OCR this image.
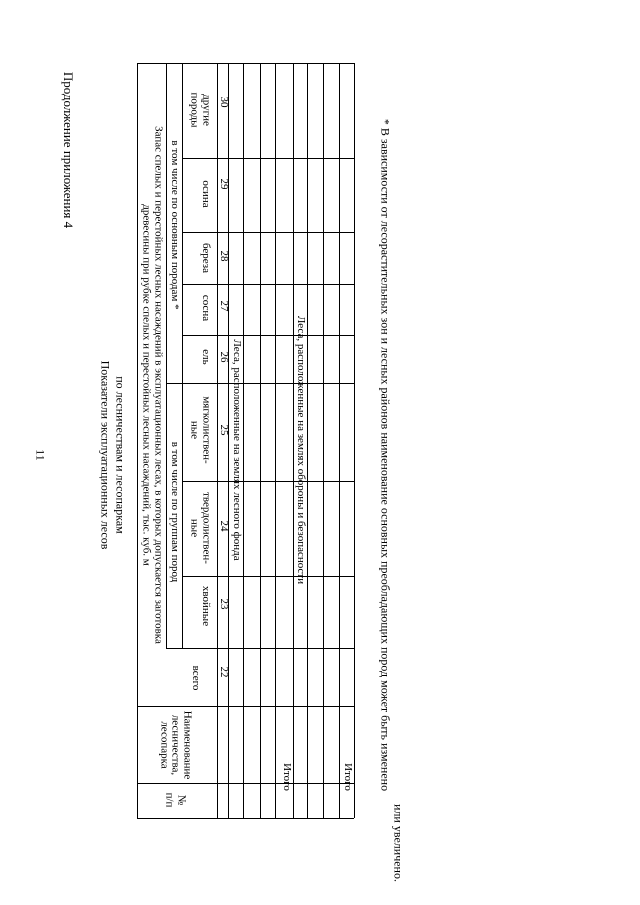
11
Продолжение приложения 4
Показатели эксплуатационных лесов по лесничествам и лесопаркам
№
п/п
Наименование
лесничества,
лесопарка
Запас спелых и перестойных лесных насаждений в эксплуатационных лесах, в которых допускается заготовка
древесины при рубке спелых и перестойных лесных насаждений, тыс. куб. м
всего
в том числе по группам пород
в том числе по основным породам *
хвойные
твердолиствен-
ные
мягколиствен-
ные
ель
сосна
береза
осина
другие
породы
22
23
24
25
26
27
28
29
30
Леса, расположенные на землях лесного фонда	Леса, расположенные на землях обороны и безопасности
Итого	Итого * В зависимости от лесорастительных зон и лесных районов наименование основных преобладающих пород может быть изменено
или увеличено.
